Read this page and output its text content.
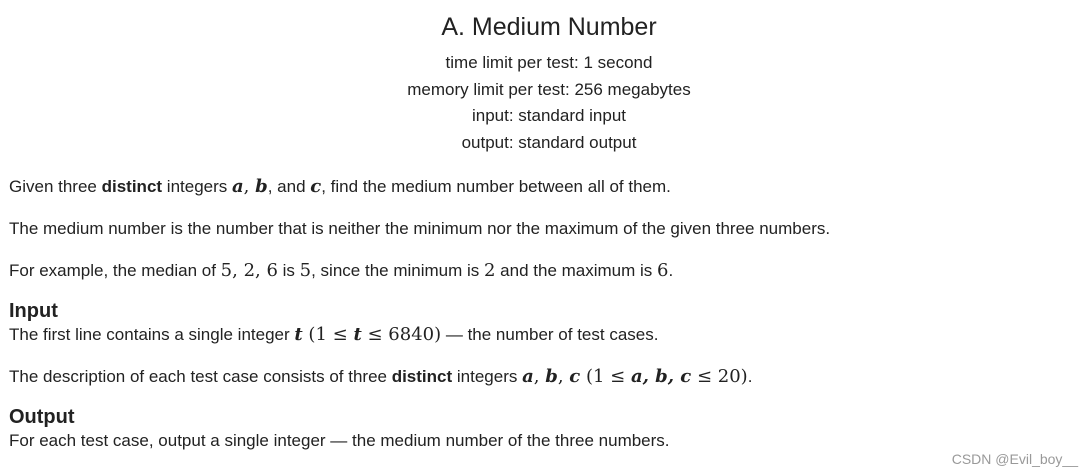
A. Medium Number
time limit per test: 1 second
memory limit per test: 256 megabytes
input: standard input
output: standard output
Given three distinct integers a, b, and c, find the medium number between all of them.
The medium number is the number that is neither the minimum nor the maximum of the given three numbers.
For example, the median of 5, 2, 6 is 5, since the minimum is 2 and the maximum is 6.
Input
The first line contains a single integer t (1 ≤ t ≤ 6840) — the number of test cases.
The description of each test case consists of three distinct integers a, b, c (1 ≤ a, b, c ≤ 20).
Output
For each test case, output a single integer — the medium number of the three numbers.
CSDN @Evil_boy__
